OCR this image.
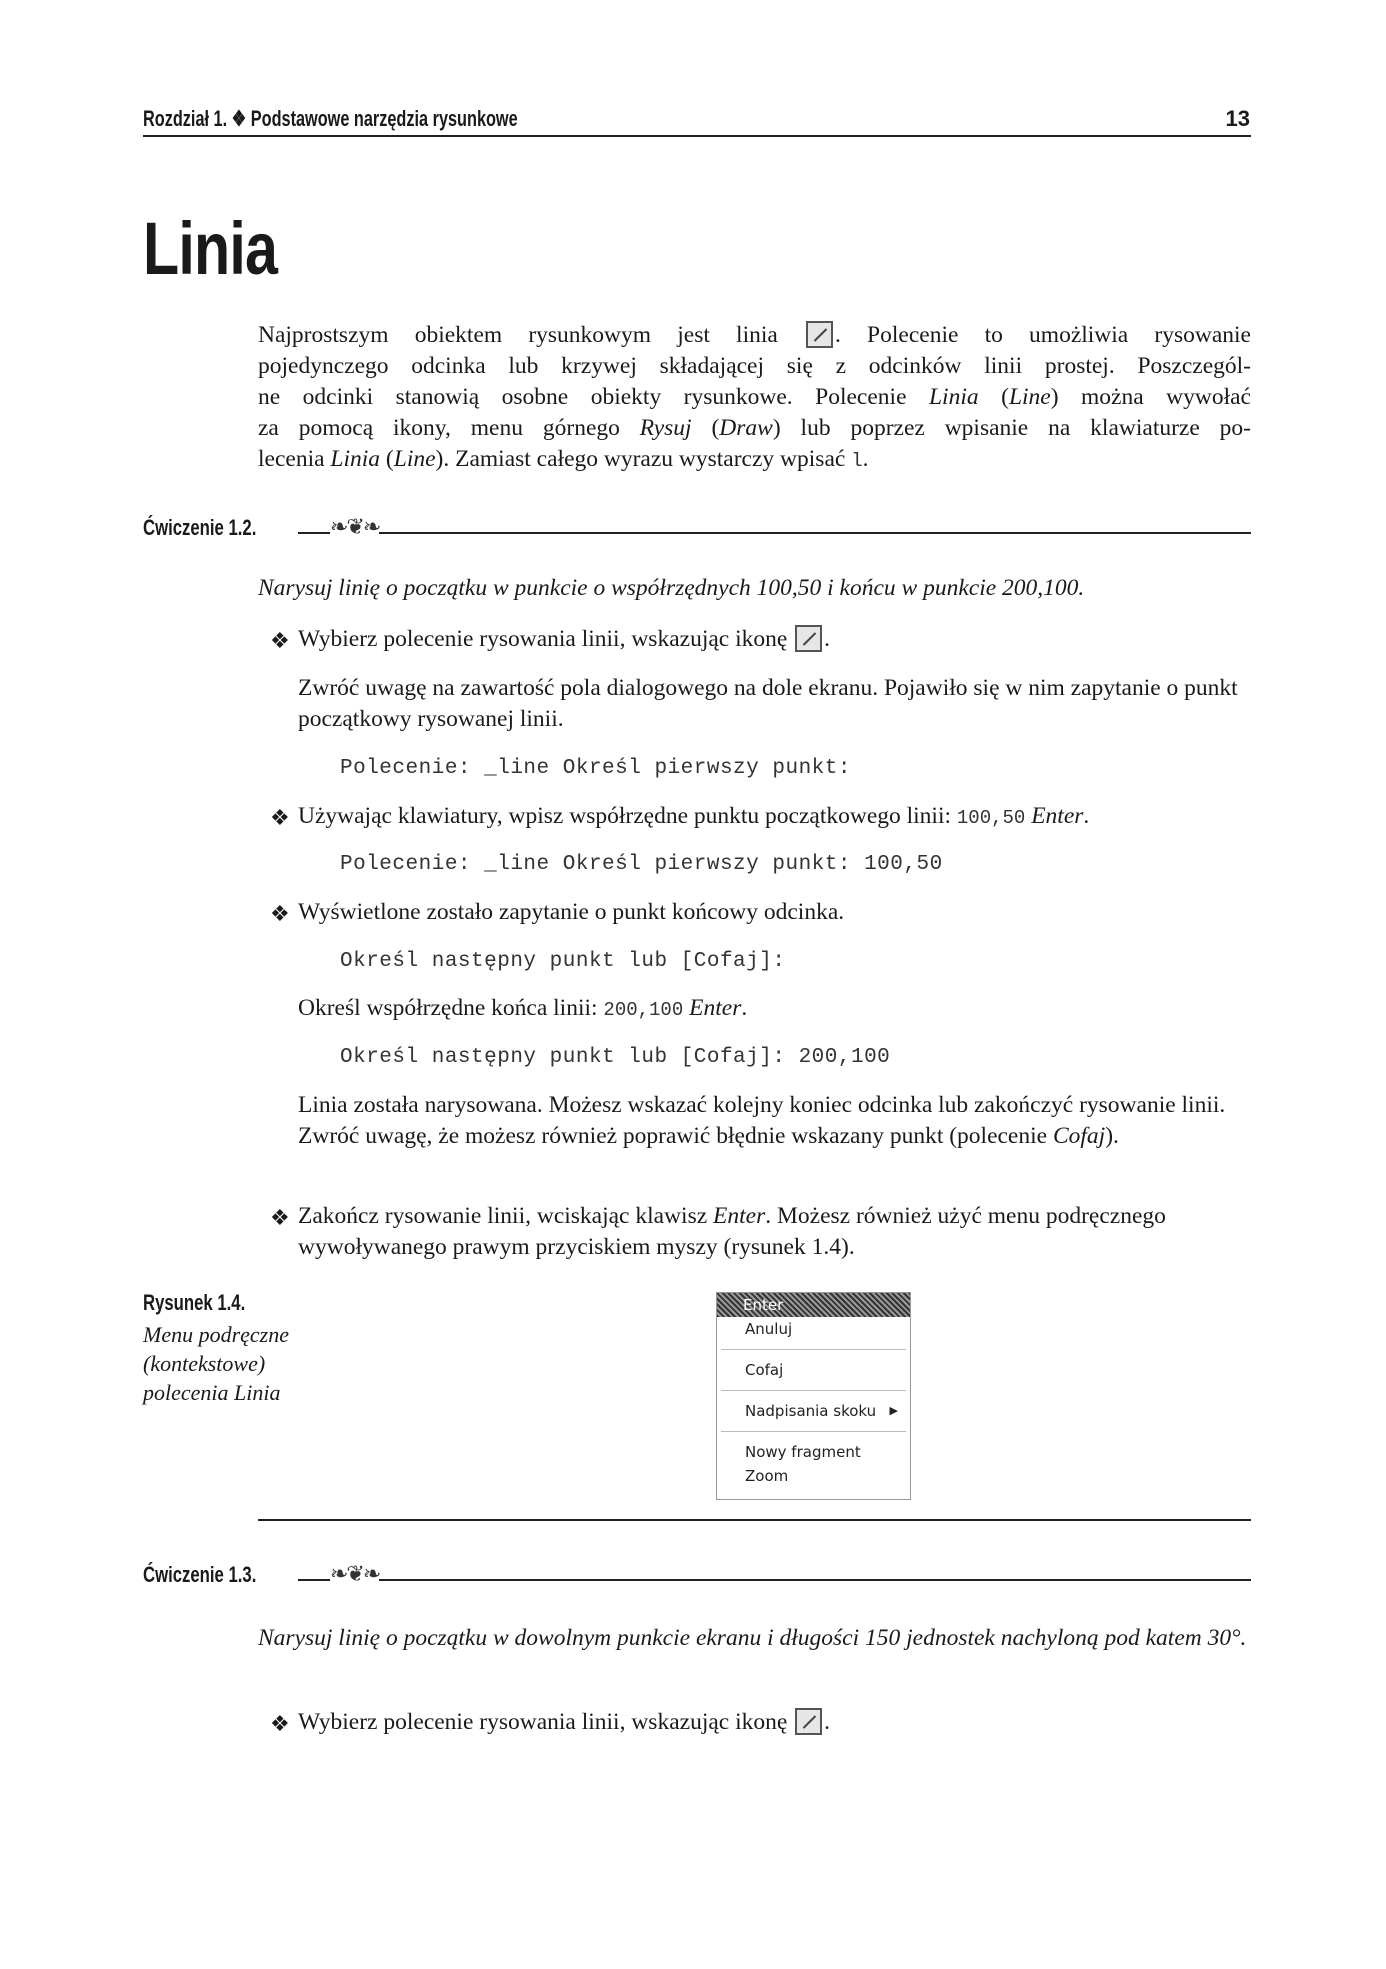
Rozdział 1. ❖ Podstawowe narzędzia rysunkowe	13
Linia
Najprostszym obiektem rysunkowym jest linia . Polecenie to umożliwia rysowanie
pojedynczego odcinka lub krzywej składającej się z odcinków linii prostej. Poszczegól-
ne odcinki stanowią osobne obiekty rysunkowe. Polecenie Linia (Line) można wywołać
za pomocą ikony, menu górnego Rysuj (Draw) lub poprzez wpisanie na klawiaturze po-
lecenia Linia (Line). Zamiast całego wyrazu wystarczy wpisać l.
Ćwiczenie 1.2.	❧❦❧
Narysuj linię o początku w punkcie o współrzędnych 100,50 i końcu w punkcie 200,100.
❖ Wybierz polecenie rysowania linii, wskazując ikonę .
Zwróć uwagę na zawartość pola dialogowego na dole ekranu. Pojawiło się w nim zapytanie o punkt początkowy rysowanej linii.
Polecenie: _line Określ pierwszy punkt:
❖ Używając klawiatury, wpisz współrzędne punktu początkowego linii: 100,50 Enter.
Polecenie: _line Określ pierwszy punkt: 100,50
❖ Wyświetlone zostało zapytanie o punkt końcowy odcinka.
Określ następny punkt lub [Cofaj]:
Określ współrzędne końca linii: 200,100 Enter.
Określ następny punkt lub [Cofaj]: 200,100
Linia została narysowana. Możesz wskazać kolejny koniec odcinka lub zakończyć rysowanie linii. Zwróć uwagę, że możesz również poprawić błędnie wskazany punkt (polecenie Cofaj).
❖ Zakończ rysowanie linii, wciskając klawisz Enter. Możesz również użyć menu podręcznego wywoływanego prawym przyciskiem myszy (rysunek 1.4).
Rysunek 1.4.
Menu podręczne (kontekstowe) polecenia Linia
Enter
Anuluj
Cofaj
Nadpisania skoku ▶
Nowy fragment
Zoom
Ćwiczenie 1.3.	❧❦❧
Narysuj linię o początku w dowolnym punkcie ekranu i długości 150 jednostek nachyloną pod katem 30°.
❖ Wybierz polecenie rysowania linii, wskazując ikonę .
